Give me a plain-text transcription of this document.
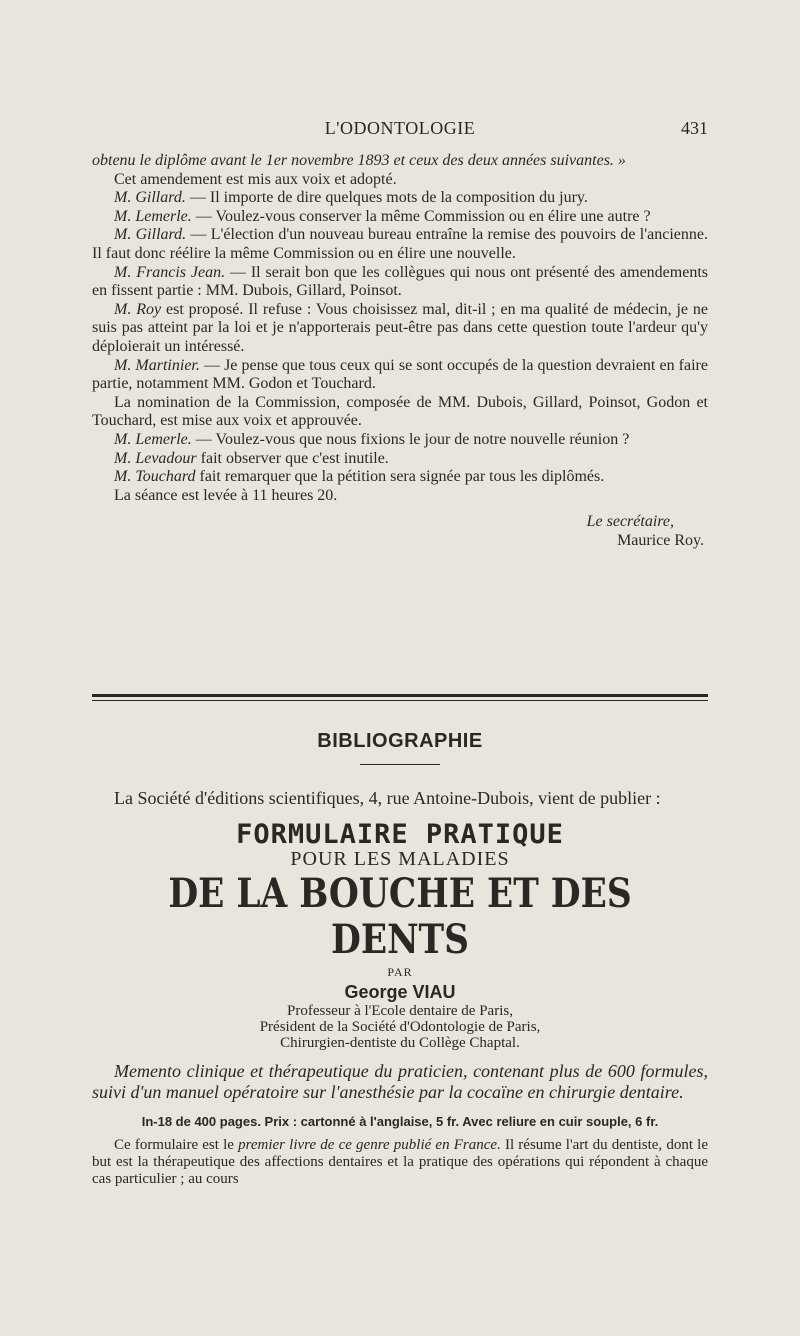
L'ODONTOLOGIE	431

obtenu le diplôme avant le 1er novembre 1893 et ceux des deux années suivantes. »

Cet amendement est mis aux voix et adopté.

M. Gillard. — Il importe de dire quelques mots de la composition du jury.

M. Lemerle. — Voulez-vous conserver la même Commission ou en élire une autre ?

M. Gillard. — L'élection d'un nouveau bureau entraîne la remise des pouvoirs de l'ancienne. Il faut donc réélire la même Commission ou en élire une nouvelle.

M. Francis Jean. — Il serait bon que les collègues qui nous ont présenté des amendements en fissent partie : MM. Dubois, Gillard, Poinsot.

M. Roy est proposé. Il refuse : Vous choisissez mal, dit-il ; en ma qualité de médecin, je ne suis pas atteint par la loi et je n'apporterais peut-être pas dans cette question toute l'ardeur qu'y déploierait un intéressé.

M. Martinier. — Je pense que tous ceux qui se sont occupés de la question devraient en faire partie, notamment MM. Godon et Touchard.

La nomination de la Commission, composée de MM. Dubois, Gillard, Poinsot, Godon et Touchard, est mise aux voix et approuvée.

M. Lemerle. — Voulez-vous que nous fixions le jour de notre nouvelle réunion ?

M. Levadour fait observer que c'est inutile.

M. Touchard fait remarquer que la pétition sera signée par tous les diplômés.

La séance est levée à 11 heures 20.

Le secrétaire,

Maurice Roy.

BIBLIOGRAPHIE

La Société d'éditions scientifiques, 4, rue Antoine-Dubois, vient de publier :

FORMULAIRE PRATIQUE
POUR LES MALADIES
DE LA BOUCHE ET DES DENTS
PAR
George VIAU
Professeur à l'Ecole dentaire de Paris,
Président de la Société d'Odontologie de Paris,
Chirurgien-dentiste du Collège Chaptal.

Memento clinique et thérapeutique du praticien, contenant plus de 600 formules, suivi d'un manuel opératoire sur l'anesthésie par la cocaïne en chirurgie dentaire.

In-18 de 400 pages. Prix : cartonné à l'anglaise, 5 fr. Avec reliure en cuir souple, 6 fr.

Ce formulaire est le premier livre de ce genre publié en France. Il résume l'art du dentiste, dont le but est la thérapeutique des affections dentaires et la pratique des opérations qui répondent à chaque cas particulier ; au cours
